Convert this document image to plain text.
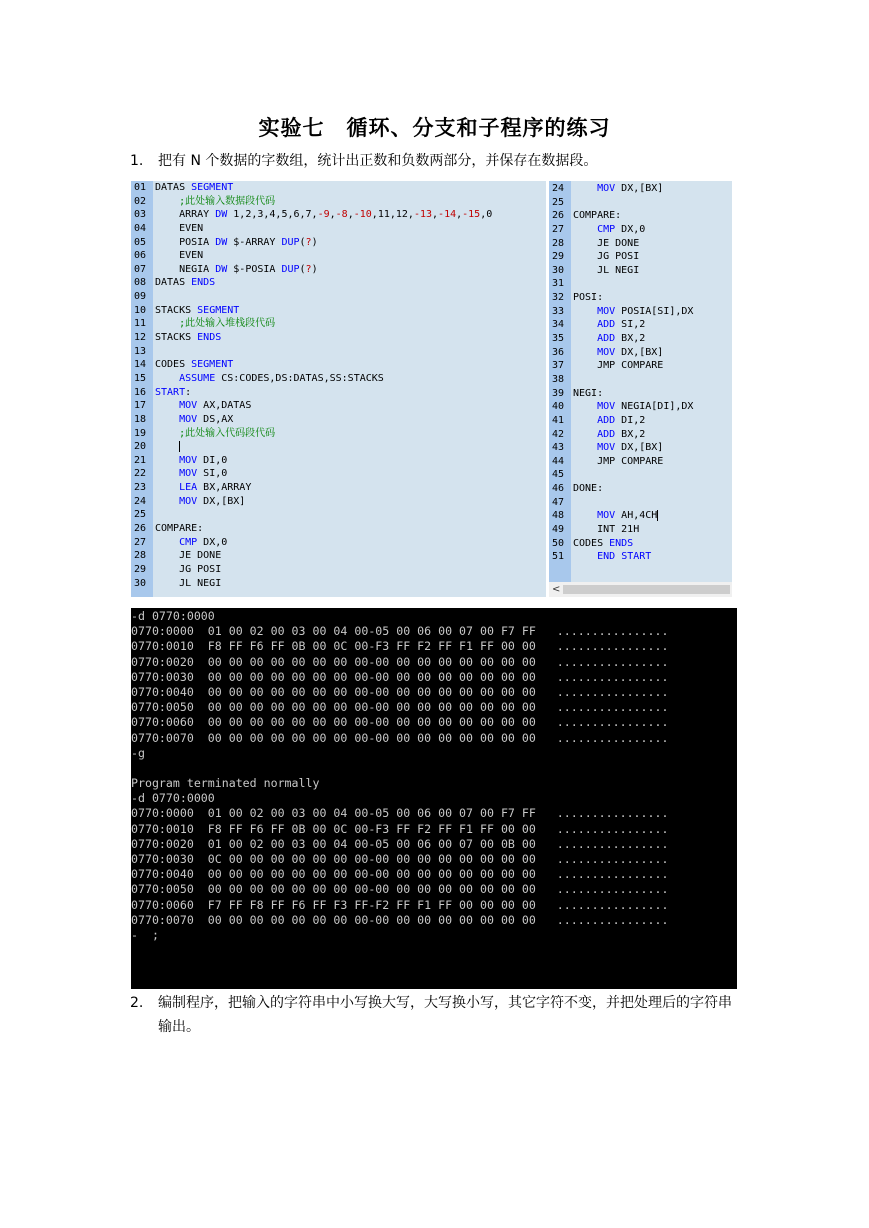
实验七　循环、分支和子程序的练习
1.	把有 N 个数据的字数组，统计出正数和负数两部分，并保存在数据段。
01 DATAS SEGMENT
02	;此处输入数据段代码
03    ARRAY DW 1,2,3,4,5,6,7,-9,-8,-10,11,12,-13,-14,-15,0
04    EVEN
05    POSIA DW $-ARRAY DUP(?)
06    EVEN
07    NEGIA DW $-POSIA DUP(?)
08 DATAS ENDS
09
10 STACKS SEGMENT
11	;此处输入堆栈段代码
12 STACKS ENDS
13
14 CODES SEGMENT
15	ASSUME CS:CODES,DS:DATAS,SS:STACKS
16 START:
17	MOV AX,DATAS
18	MOV DS,AX
19	;此处输入代码段代码
20
21	MOV DI,0
22	MOV SI,0
23	LEA BX,ARRAY
24	MOV DX,[BX]
25
26 COMPARE:
27	CMP DX,0
28    JE DONE
29    JG POSI
30    JL NEGI
24	MOV DX,[BX]
25
26 COMPARE:
27	CMP DX,0
28    JE DONE
29    JG POSI
30    JL NEGI
31
32 POSI:
33	MOV POSIA[SI],DX
34	ADD SI,2
35	ADD BX,2
36	MOV DX,[BX]
37    JMP COMPARE
38
39 NEGI:
40	MOV NEGIA[DI],DX
41	ADD DI,2
42	ADD BX,2
43	MOV DX,[BX]
44    JMP COMPARE
45
46 DONE:
47
48	MOV AH,4CH
49    INT 21H
50 CODES ENDS
51	END START
<
-d 0770:0000
0770:0000  01 00 02 00 03 00 04 00-05 00 06 00 07 00 F7 FF   ................
0770:0010  F8 FF F6 FF 0B 00 0C 00-F3 FF F2 FF F1 FF 00 00   ................
0770:0020  00 00 00 00 00 00 00 00-00 00 00 00 00 00 00 00   ................
0770:0030  00 00 00 00 00 00 00 00-00 00 00 00 00 00 00 00   ................
0770:0040  00 00 00 00 00 00 00 00-00 00 00 00 00 00 00 00   ................
0770:0050  00 00 00 00 00 00 00 00-00 00 00 00 00 00 00 00   ................
0770:0060  00 00 00 00 00 00 00 00-00 00 00 00 00 00 00 00   ................
0770:0070  00 00 00 00 00 00 00 00-00 00 00 00 00 00 00 00   ................
-g
Program terminated normally
-d 0770:0000
0770:0000  01 00 02 00 03 00 04 00-05 00 06 00 07 00 F7 FF   ................
0770:0010  F8 FF F6 FF 0B 00 0C 00-F3 FF F2 FF F1 FF 00 00   ................
0770:0020  01 00 02 00 03 00 04 00-05 00 06 00 07 00 0B 00   ................
0770:0030  0C 00 00 00 00 00 00 00-00 00 00 00 00 00 00 00   ................
0770:0040  00 00 00 00 00 00 00 00-00 00 00 00 00 00 00 00   ................
0770:0050  00 00 00 00 00 00 00 00-00 00 00 00 00 00 00 00   ................
0770:0060  F7 FF F8 FF F6 FF F3 FF-F2 FF F1 FF 00 00 00 00   ................
0770:0070  00 00 00 00 00 00 00 00-00 00 00 00 00 00 00 00   ................
-  ;
2.	编制程序，把输入的字符串中小写换大写，大写换小写，其它字符不变，并把处理后的字符串输出。
